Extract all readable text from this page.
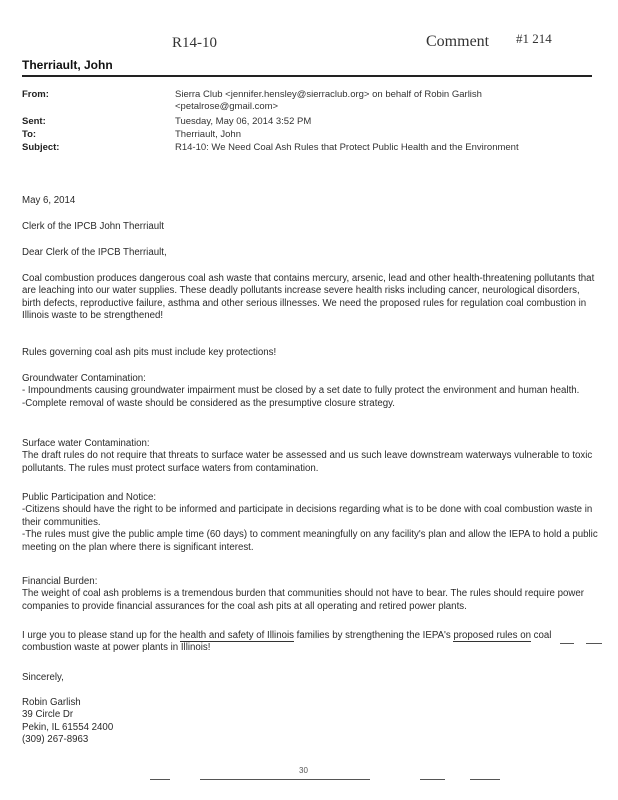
R14-10	Comment #1 214
Therriault, John
From:	Sierra Club <jennifer.hensley@sierraclub.org> on behalf of Robin Garlish <petalrose@gmail.com>
Sent:	Tuesday, May 06, 2014 3:52 PM
To:	Therriault, John
Subject:	R14-10: We Need Coal Ash Rules that Protect Public Health and the Environment
May 6, 2014
Clerk of the IPCB John Therriault
Dear Clerk of the IPCB Therriault,
Coal combustion produces dangerous coal ash waste that contains mercury, arsenic, lead and other health-threatening pollutants that are leaching into our water supplies. These deadly pollutants increase severe health risks including cancer, neurological disorders, birth defects, reproductive failure, asthma and other serious illnesses. We need the proposed rules for regulation coal combustion in Illinois waste to be strengthened!
Rules governing coal ash pits must include key protections!

Groundwater Contamination:

- Impoundments causing groundwater impairment must be closed by a set date to fully protect the environment and human health.

-Complete removal of waste should be considered as the presumptive closure strategy.

Surface water Contamination:

The draft rules do not require that threats to surface water be assessed and us such leave downstream waterways vulnerable to toxic pollutants. The rules must protect surface waters from contamination.

Public Participation and Notice:

-Citizens should have the right to be informed and participate in decisions regarding what is to be done with coal combustion waste in their communities.

-The rules must give the public ample time (60 days) to comment meaningfully on any facility's plan and allow the IEPA to hold a public meeting on the plan where there is significant interest.

Financial Burden:

The weight of coal ash problems is a tremendous burden that communities should not have to bear. The rules should require power companies to provide financial assurances for the coal ash pits at all operating and retired power plants.

I urge you to please stand up for the health and safety of Illinois families by strengthening the IEPA's proposed rules on coal combustion waste at power plants in Illinois!
Sincerely,

Robin Garlish

39 Circle Dr

Pekin, IL 61554 2400

(309) 267-8963

30
